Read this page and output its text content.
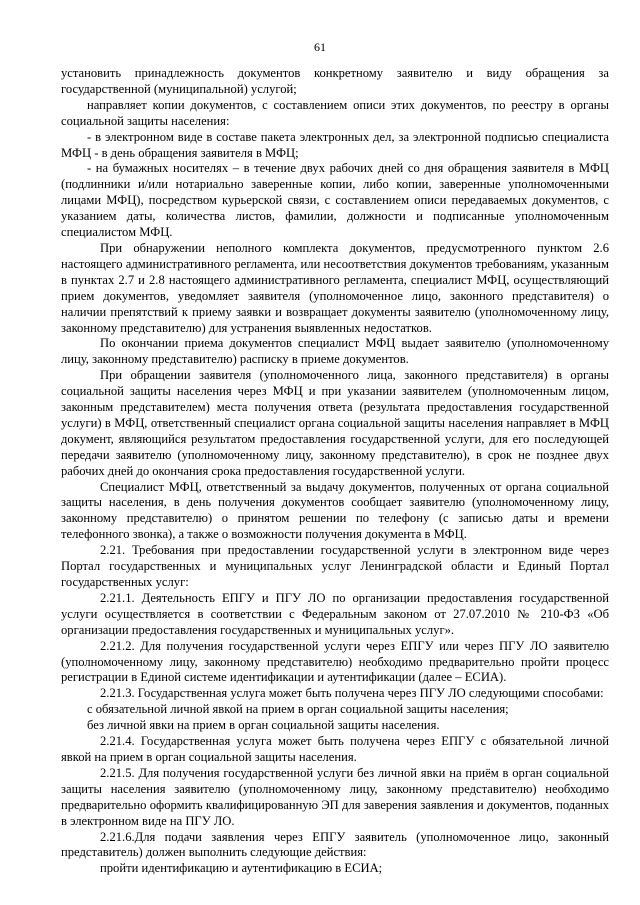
61

установить принадлежность документов конкретному заявителю и виду обращения за государственной (муниципальной) услугой;

направляет копии документов, с составлением описи этих документов, по реестру в органы социальной защиты населения:

- в электронном виде в составе пакета электронных дел, за электронной подписью специалиста МФЦ - в день обращения заявителя в МФЦ;

- на бумажных носителях – в течение двух рабочих дней со дня обращения заявителя в МФЦ (подлинники и/или нотариально заверенные копии, либо копии, заверенные уполномоченными лицами МФЦ), посредством курьерской связи, с составлением описи передаваемых документов, с указанием даты, количества листов, фамилии, должности и подписанные уполномоченным специалистом МФЦ.

При обнаружении неполного комплекта документов, предусмотренного пунктом 2.6 настоящего административного регламента, или несоответствия документов требованиям, указанным в пунктах 2.7 и 2.8 настоящего административного регламента, специалист МФЦ, осуществляющий прием документов, уведомляет заявителя (уполномоченное лицо, законного представителя) о наличии препятствий к приему заявки и возвращает документы заявителю (уполномоченному лицу, законному представителю) для устранения выявленных недостатков.

По окончании приема документов специалист МФЦ выдает заявителю (уполномоченному лицу, законному представителю) расписку в приеме документов.

При обращении заявителя (уполномоченного лица, законного представителя) в органы социальной защиты населения через МФЦ и при указании заявителем (уполномоченным лицом, законным представителем) места получения ответа (результата предоставления государственной услуги) в МФЦ, ответственный специалист органа социальной защиты населения направляет в МФЦ документ, являющийся результатом предоставления государственной услуги, для его последующей передачи заявителю (уполномоченному лицу, законному представителю), в срок не позднее двух рабочих дней до окончания срока предоставления государственной услуги.

Специалист МФЦ, ответственный за выдачу документов, полученных от органа социальной защиты населения, в день получения документов сообщает заявителю (уполномоченному лицу, законному представителю) о принятом решении по телефону (с записью даты и времени телефонного звонка), а также о возможности получения документа в МФЦ.

2.21. Требования при предоставлении государственной услуги в электронном виде через Портал государственных и муниципальных услуг Ленинградской области и Единый Портал государственных услуг:

2.21.1. Деятельность ЕПГУ и ПГУ ЛО по организации предоставления государственной услуги осуществляется в соответствии с Федеральным законом от 27.07.2010 № 210-ФЗ «Об организации предоставления государственных и муниципальных услуг».

2.21.2. Для получения государственной услуги через ЕПГУ или через ПГУ ЛО заявителю (уполномоченному лицу, законному представителю) необходимо предварительно пройти процесс регистрации в Единой системе идентификации и аутентификации (далее – ЕСИА).

2.21.3. Государственная услуга может быть получена через ПГУ ЛО следующими способами:

с обязательной личной явкой на прием в орган социальной защиты населения;

без личной явки на прием в орган социальной защиты населения.

2.21.4. Государственная услуга может быть получена через ЕПГУ с обязательной личной явкой на прием в орган социальной защиты населения.

2.21.5. Для получения государственной услуги без личной явки на приём в орган социальной защиты населения заявителю (уполномоченному лицу, законному представителю) необходимо предварительно оформить квалифицированную ЭП для заверения заявления и документов, поданных в электронном виде на ПГУ ЛО.

2.21.6.Для подачи заявления через ЕПГУ заявитель (уполномоченное лицо, законный представитель) должен выполнить следующие действия:

пройти идентификацию и аутентификацию в ЕСИА;
